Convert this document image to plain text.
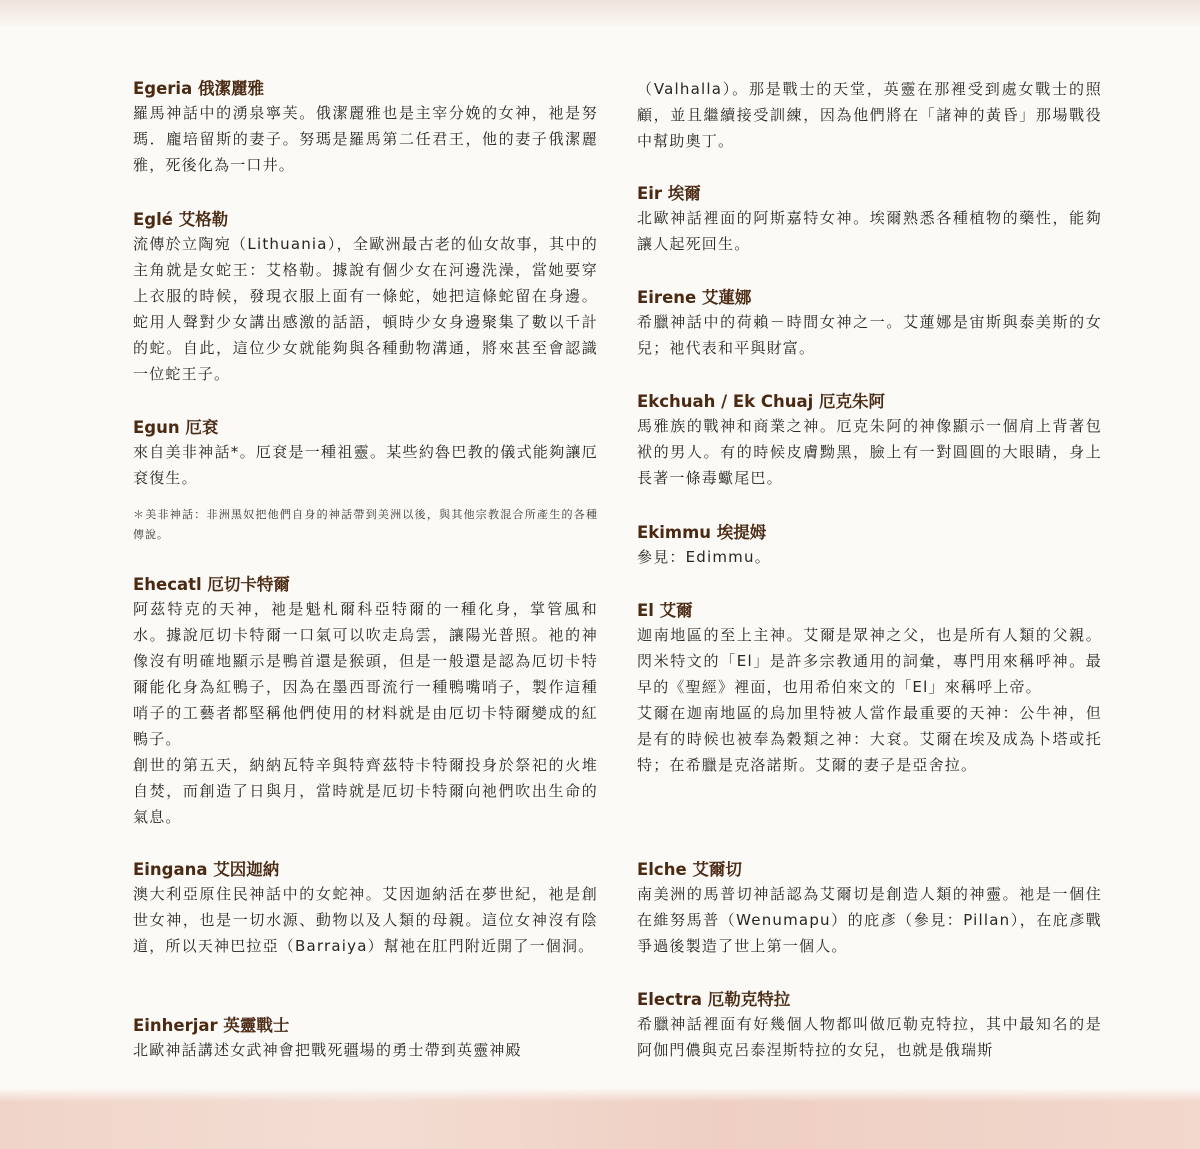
Egeria 俄潔麗雅
羅馬神話中的湧泉寧芙。俄潔麗雅也是主宰分娩的女神，祂是努瑪．龐培留斯的妻子。努瑪是羅馬第二任君王，他的妻子俄潔麗雅，死後化為一口井。
Eglé 艾格勒
流傳於立陶宛（Lithuania），全歐洲最古老的仙女故事，其中的主角就是女蛇王：艾格勒。據說有個少女在河邊洗澡，當她要穿上衣服的時候，發現衣服上面有一條蛇，她把這條蛇留在身邊。蛇用人聲對少女講出感激的話語，頓時少女身邊聚集了數以千計的蛇。自此，這位少女就能夠與各種動物溝通，將來甚至會認識一位蛇王子。
Egun 厄袞
來自美非神話*。厄袞是一種祖靈。某些約魯巴教的儀式能夠讓厄袞復生。
＊美非神話：非洲黑奴把他們自身的神話帶到美洲以後，與其他宗教混合所產生的各種傳說。
Ehecatl 厄切卡特爾
阿茲特克的天神，祂是魁札爾科亞特爾的一種化身，掌管風和水。據說厄切卡特爾一口氣可以吹走烏雲，讓陽光普照。祂的神像沒有明確地顯示是鴨首還是猴頭，但是一般還是認為厄切卡特爾能化身為紅鴨子，因為在墨西哥流行一種鴨嘴哨子，製作這種哨子的工藝者都堅稱他們使用的材料就是由厄切卡特爾變成的紅鴨子。
創世的第五天，納納瓦特辛與特齊茲特卡特爾投身於祭祀的火堆自焚，而創造了日與月，當時就是厄切卡特爾向祂們吹出生命的氣息。
Eingana 艾因迦納
澳大利亞原住民神話中的女蛇神。艾因迦納活在夢世紀，祂是創世女神，也是一切水源、動物以及人類的母親。這位女神沒有陰道，所以天神巴拉亞（Barraiya）幫祂在肛門附近開了一個洞。
Einherjar 英靈戰士
北歐神話講述女武神會把戰死疆場的勇士帶到英靈神殿
（Valhalla）。那是戰士的天堂，英靈在那裡受到處女戰士的照顧，並且繼續接受訓練，因為他們將在「諸神的黃昏」那場戰役中幫助奧丁。
Eir 埃爾
北歐神話裡面的阿斯嘉特女神。埃爾熟悉各種植物的藥性，能夠讓人起死回生。
Eirene 艾蓮娜
希臘神話中的荷賴－時間女神之一。艾蓮娜是宙斯與泰美斯的女兒；祂代表和平與財富。
Ekchuah / Ek Chuaj 厄克朱阿
馬雅族的戰神和商業之神。厄克朱阿的神像顯示一個肩上背著包袱的男人。有的時候皮膚黝黑，臉上有一對圓圓的大眼睛，身上長著一條毒蠍尾巴。
Ekimmu 埃提姆
參見：Edimmu。
El 艾爾
迦南地區的至上主神。艾爾是眾神之父，也是所有人類的父親。閃米特文的「El」是許多宗教通用的詞彙，專門用來稱呼神。最早的《聖經》裡面，也用希伯來文的「El」來稱呼上帝。
艾爾在迦南地區的烏加里特被人當作最重要的天神：公牛神，但是有的時候也被奉為穀類之神：大袞。艾爾在埃及成為卜塔或托特；在希臘是克洛諾斯。艾爾的妻子是亞舍拉。
Elche 艾爾切
南美洲的馬普切神話認為艾爾切是創造人類的神靈。祂是一個住在維努馬普（Wenumapu）的庇彥（參見：Pillan），在庇彥戰爭過後製造了世上第一個人。
Electra 厄勒克特拉
希臘神話裡面有好幾個人物都叫做厄勒克特拉，其中最知名的是阿伽門儂與克呂泰涅斯特拉的女兒，也就是俄瑞斯
